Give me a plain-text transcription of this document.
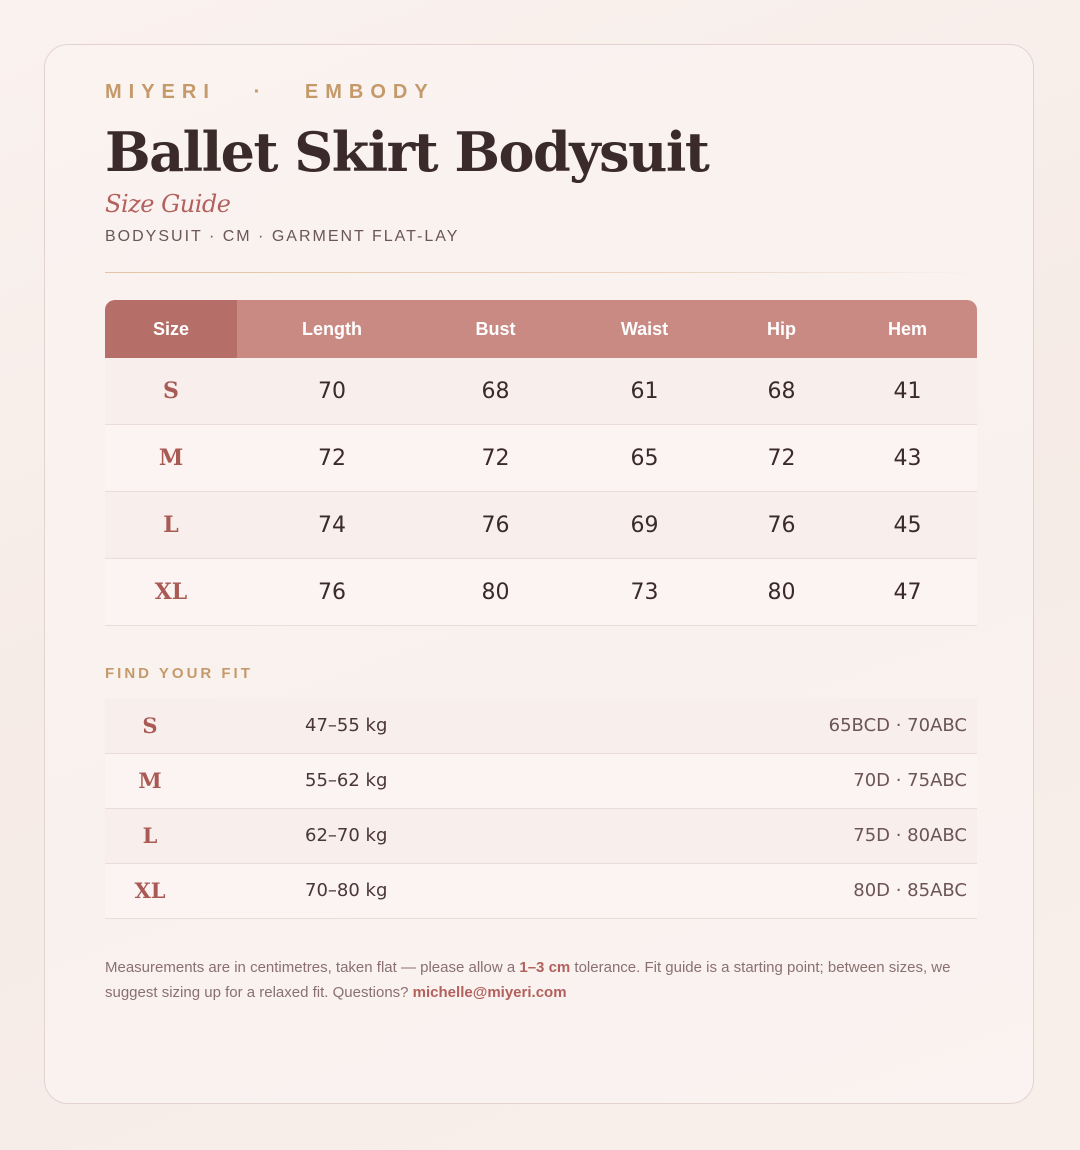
MIYERI   ·   EMBODY
Ballet Skirt Bodysuit
Size Guide
BODYSUIT · CM · GARMENT FLAT-LAY
Size	Length	Bust	Waist	Hip	Hem
S	70	68	61	68	41
M	72	72	65	72	43
L	74	76	69	76	45
XL	76	80	73	80	47
FIND YOUR FIT
S	47–55 kg	65BCD · 70ABC
M	55–62 kg	70D · 75ABC
L	62–70 kg	75D · 80ABC
XL	70–80 kg	80D · 85ABC
Measurements are in centimetres, taken flat — please allow a 1–3 cm tolerance. Fit guide is a starting point; between sizes, we suggest sizing up for a relaxed fit. Questions? michelle@miyeri.com
